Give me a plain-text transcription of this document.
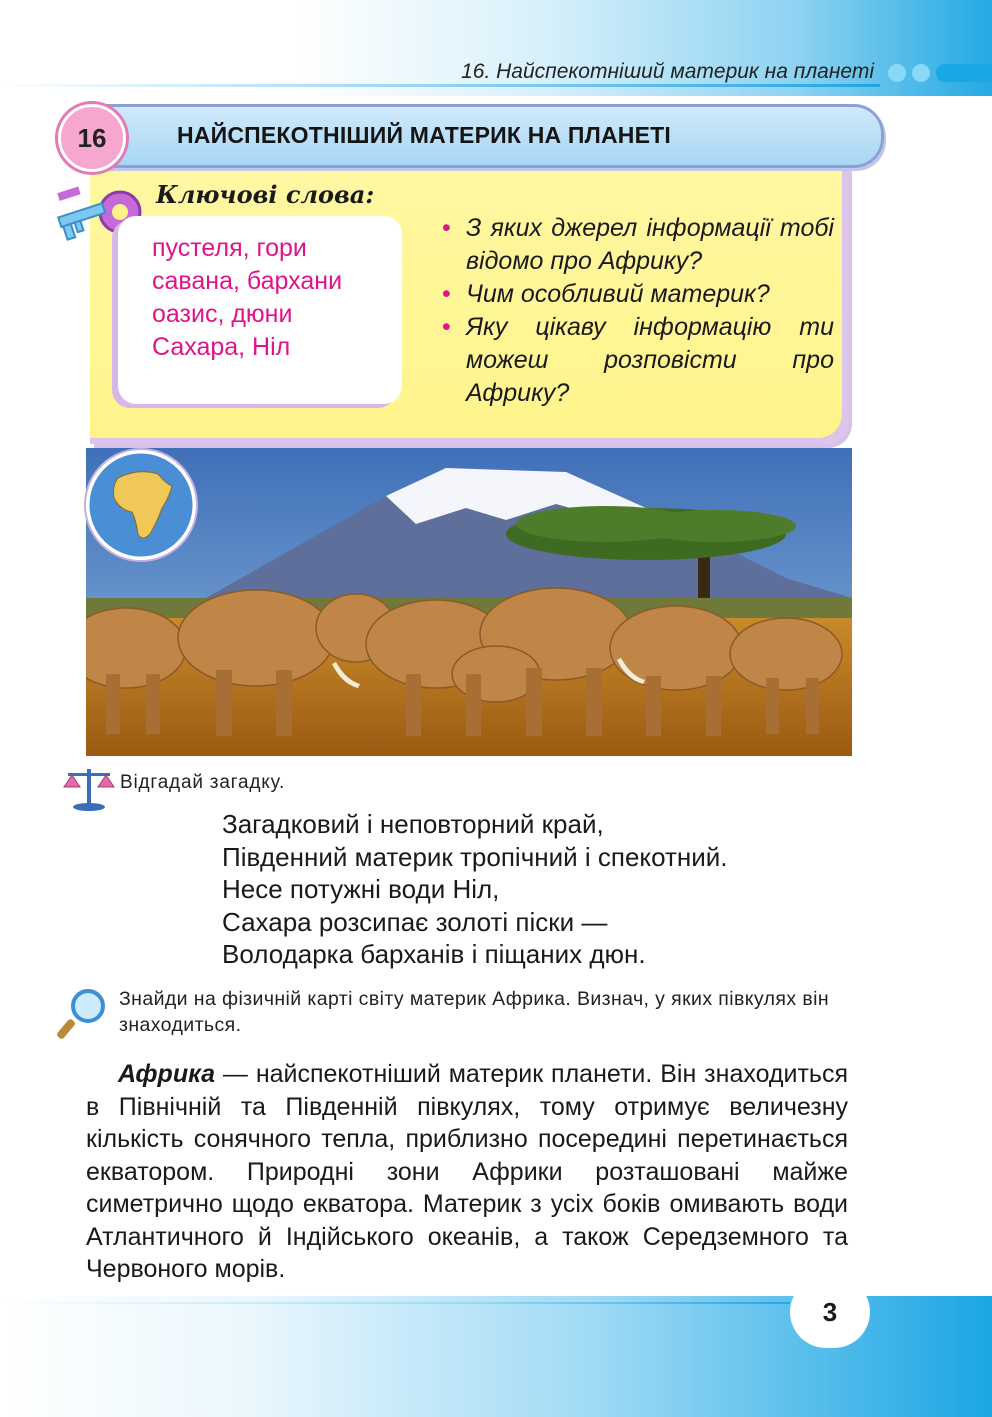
16. Найспекотніший материк на планеті
НАЙСПЕКОТНІШИЙ МАТЕРИК НА ПЛАНЕТІ
16
Ключові слова:
пустеля, гори
савана, бархани
оазис, дюни
Сахара, Ніл
• З яких джерел інформації тобі відомо про Африку?
• Чим особливий материк?
• Яку цікаву інформацію ти можеш розповісти про Африку?
Відгадай загадку.
Загадковий і неповторний край,
Південний материк тропічний і спекотний.
Несе потужні води Ніл,
Сахара розсипає золоті піски —
Володарка барханів і піщаних дюн.
Знайди на фізичній карті світу материк Африка. Визнач, у яких півкулях він знаходиться.
Африка — найспекотніший материк планети. Він знаходиться в Північній та Південній півкулях, тому отримує величезну кількість сонячного тепла, приблизно посередині перетинається екватором. Природні зони Африки розташовані майже симетрично щодо екватора. Материк з усіх боків омивають води Атлантичного й Індійського океанів, а також Середземного та Червоного морів.
3
